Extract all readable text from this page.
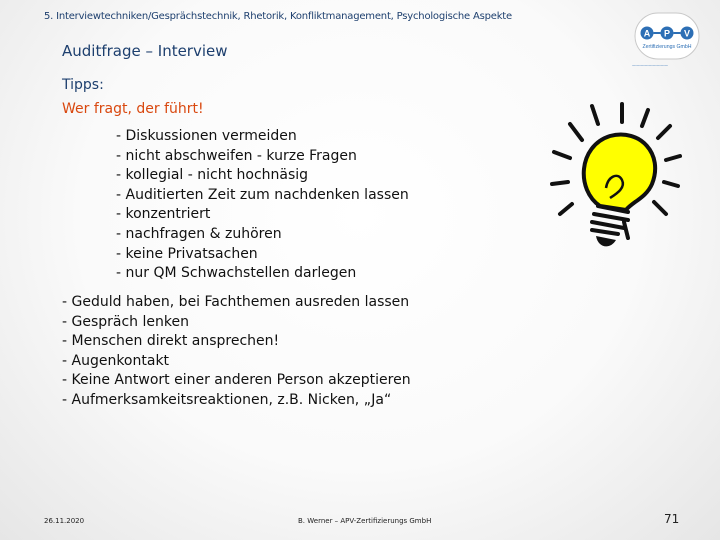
5. Interviewtechniken/Gesprächstechnik, Rhetorik, Konfliktmanagement, Psychologische Aspekte
A P V
Zertifizierungs GmbH
—————————
Auditfrage – Interview
Tipps:
Wer fragt, der führt!
- Diskussionen vermeiden
- nicht abschweifen - kurze Fragen
- kollegial - nicht hochnäsig
- Auditierten Zeit zum nachdenken lassen
- konzentriert
- nachfragen & zuhören
- keine Privatsachen
- nur QM Schwachstellen darlegen
- Geduld haben, bei Fachthemen ausreden lassen
- Gespräch lenken
- Menschen direkt ansprechen!
- Augenkontakt
- Keine Antwort einer anderen Person akzeptieren
- Aufmerksamkeitsreaktionen, z.B. Nicken, „Ja“
26.11.2020	B. Werner – APV-Zertifizierungs GmbH	71
